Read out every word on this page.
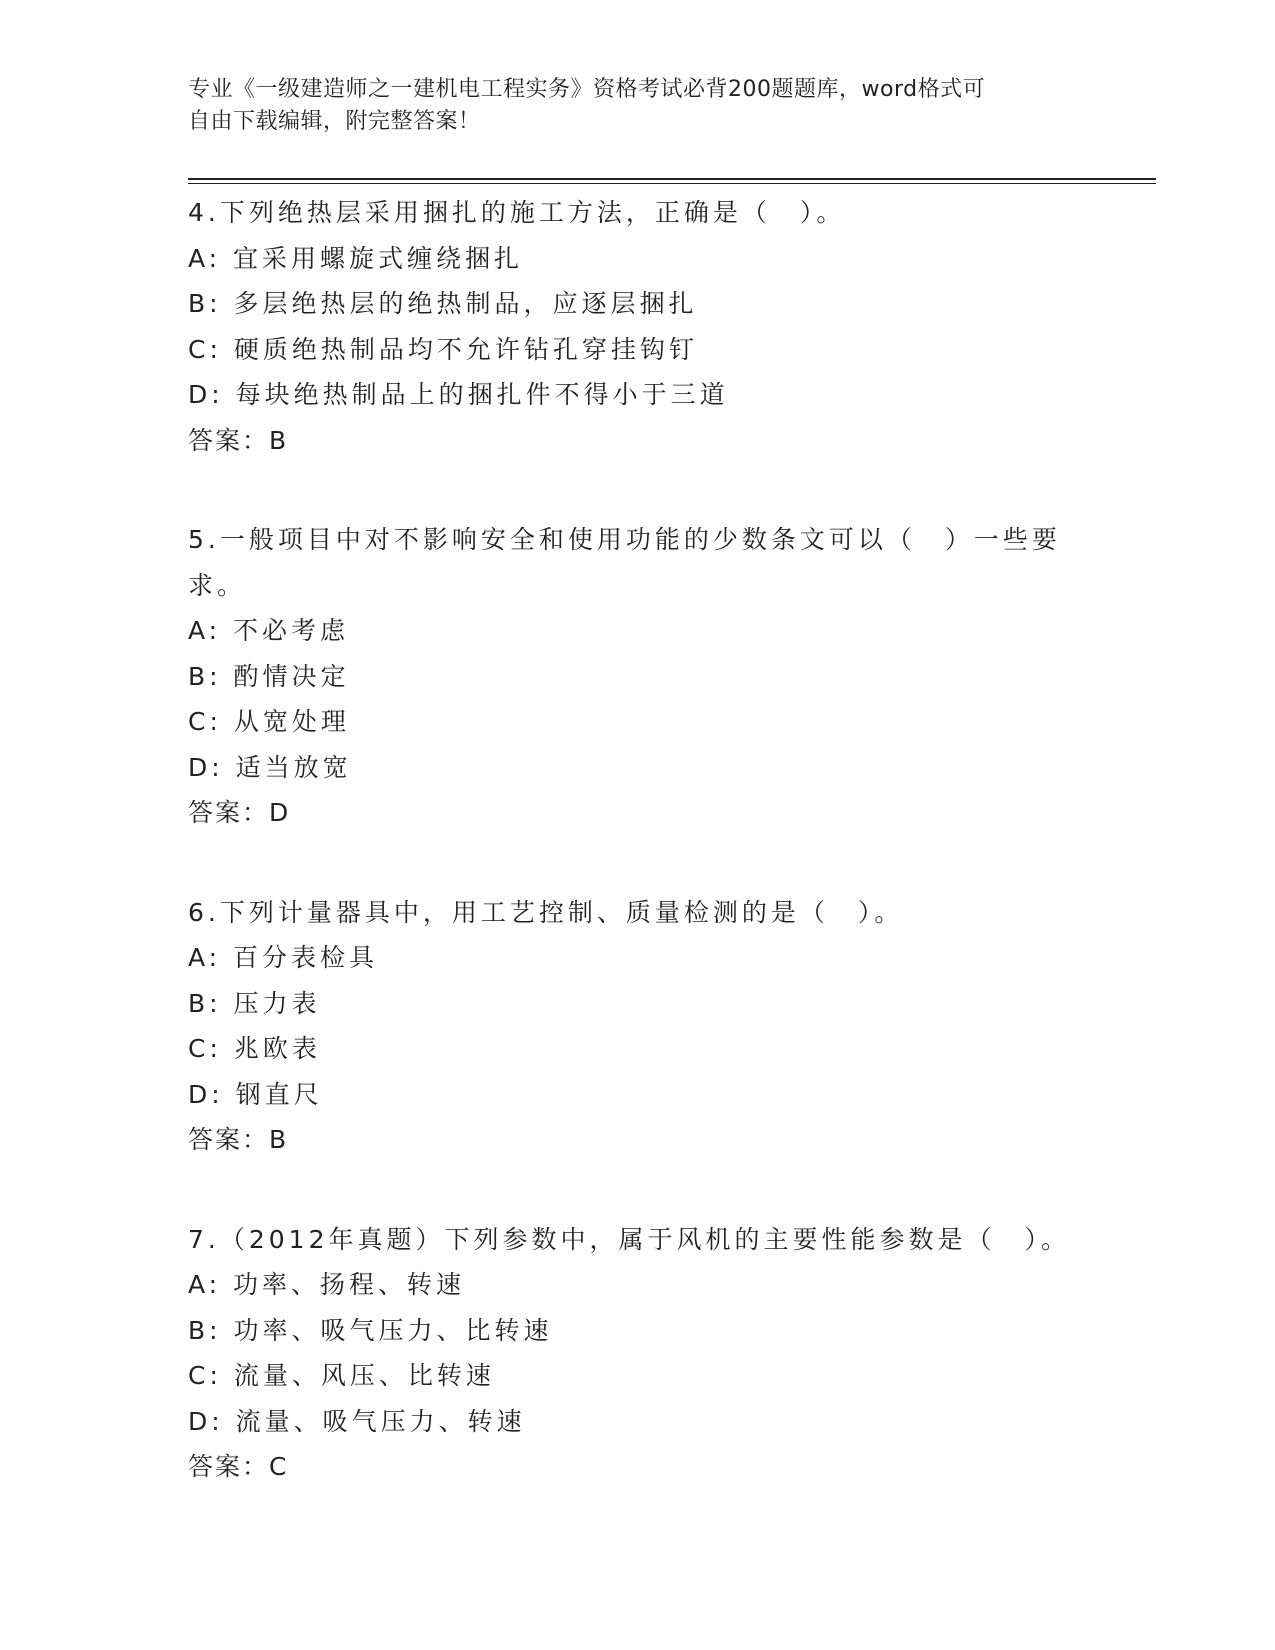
专业《一级建造师之一建机电工程实务》资格考试必背200题题库，word格式可
自由下载编辑，附完整答案！
4.下列绝热层采用捆扎的施工方法，正确是（　）。
A: 宜采用螺旋式缠绕捆扎
B: 多层绝热层的绝热制品，应逐层捆扎
C: 硬质绝热制品均不允许钻孔穿挂钩钉
D: 每块绝热制品上的捆扎件不得小于三道
答案：B
5.一般项目中对不影响安全和使用功能的少数条文可以（　）一些要求。
A: 不必考虑
B: 酌情决定
C: 从宽处理
D: 适当放宽
答案：D
6.下列计量器具中，用工艺控制、质量检测的是（　）。
A: 百分表检具
B: 压力表
C: 兆欧表
D: 钢直尺
答案：B
7.（2012年真题）下列参数中，属于风机的主要性能参数是（　）。
A: 功率、扬程、转速
B: 功率、吸气压力、比转速
C: 流量、风压、比转速
D: 流量、吸气压力、转速
答案：C
